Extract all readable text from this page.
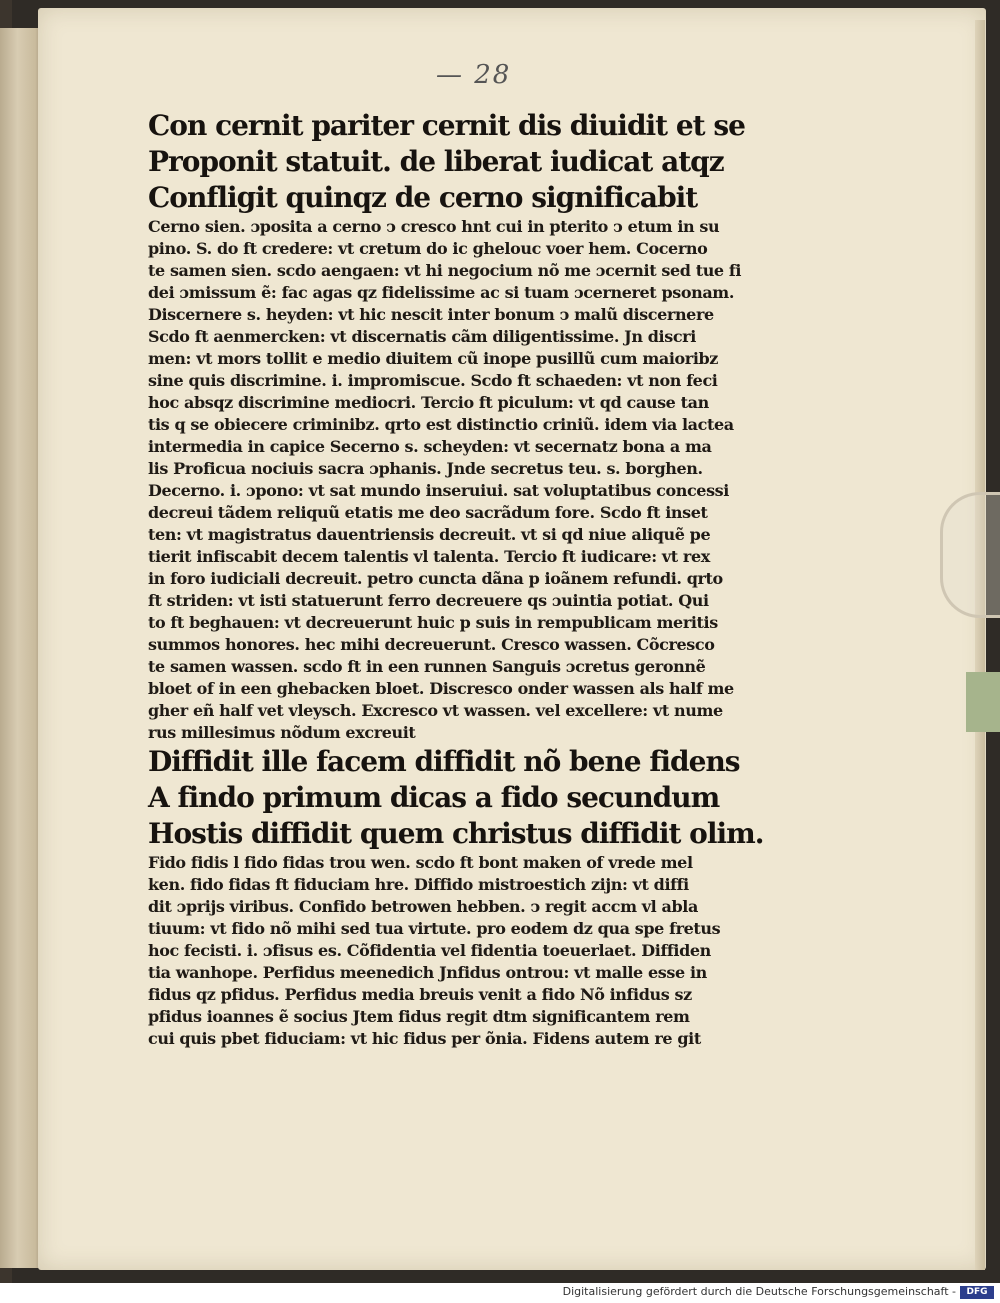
— 28
Con cernit pariter cernit dis diuidit et se
Proponit statuit. de liberat iudicat atqz
Confligit quinqz de cerno significabit
Cerno sien. ɔposita a cerno ↄ cresco hnt cui in pterito ↄ etum in su
pino. S. do ft credere: vt cretum do ic ghelouc voer hem. Cocerno
te samen sien. scdo aengaen: vt hi negocium nõ me ɔcernit sed tue fi
dei ɔmissum ẽ: fac agas qz fidelissime ac si tuam ɔcerneret psonam.
Discernere s. heyden: vt hic nescit inter bonum ↄ malũ discernere
Scdo ft aenmercken: vt discernatis cãm diligentissime. Jn discri
men: vt mors tollit e medio diuitem cũ inope pusillũ cum maioribz
sine quis discrimine. i. impromiscue. Scdo ft schaeden: vt non feci
hoc absqz discrimine mediocri. Tercio ft piculum: vt qd cause tan
tis q se obiecere criminibz. qrto est distinctio criniũ. idem via lactea
intermedia in capice Secerno s. scheyden: vt secernatz bona a ma
lis Proficua nociuis sacra ɔphanis. Jnde secretus teu. s. borghen.
Decerno. i. ɔpono: vt sat mundo inseruiui. sat voluptatibus concessi
decreui tãdem reliquũ etatis me deo sacrãdum fore. Scdo ft inset
ten: vt magistratus dauentriensis decreuit. vt si qd niue aliquẽ pe
tierit infiscabit decem talentis vl talenta. Tercio ft iudicare: vt rex
in foro iudiciali decreuit. petro cuncta dãna p ioãnem refundi. qrto
ft striden: vt isti statuerunt ferro decreuere qs ɔuintia potiat. Qui
to ft beghauen: vt decreuerunt huic p suis in rempublicam meritis
summos honores. hec mihi decreuerunt. Cresco wassen. Cõcresco
te samen wassen. scdo ft in een runnen Sanguis ɔcretus geronnẽ
bloet of in een ghebacken bloet. Discresco onder wassen als half me
gher eñ half vet vleysch. Excresco vt wassen. vel excellere: vt nume
rus millesimus nõdum excreuit
Diffidit ille facem diffidit nõ bene fidens
A findo primum dicas a fido secundum
Hostis diffidit quem christus diffidit olim.
Fido fidis l fido fidas trou wen. scdo ft bont maken of vrede mel
ken. fido fidas ft fiduciam hre. Diffido mistroestich zijn: vt diffi
dit ɔprijs viribus. Confido betrowen hebben. ↄ regit accm vl abla
tiuum: vt fido nõ mihi sed tua virtute. pro eodem dz qua spe fretus
hoc fecisti. i. ɔfisus es. Cõfidentia vel fidentia toeuerlaet. Diffiden
tia wanhope. Perfidus meenedich Jnfidus ontrou: vt malle esse in
fidus qz pfidus. Perfidus media breuis venit a fido Nõ infidus sz
pfidus ioannes ẽ socius Jtem fidus regit dtm significantem rem
cui quis pbet fiduciam: vt hic fidus per õnia. Fidens autem re git
Digitalisierung gefördert durch die Deutsche Forschungsgemeinschaft -	DFG
